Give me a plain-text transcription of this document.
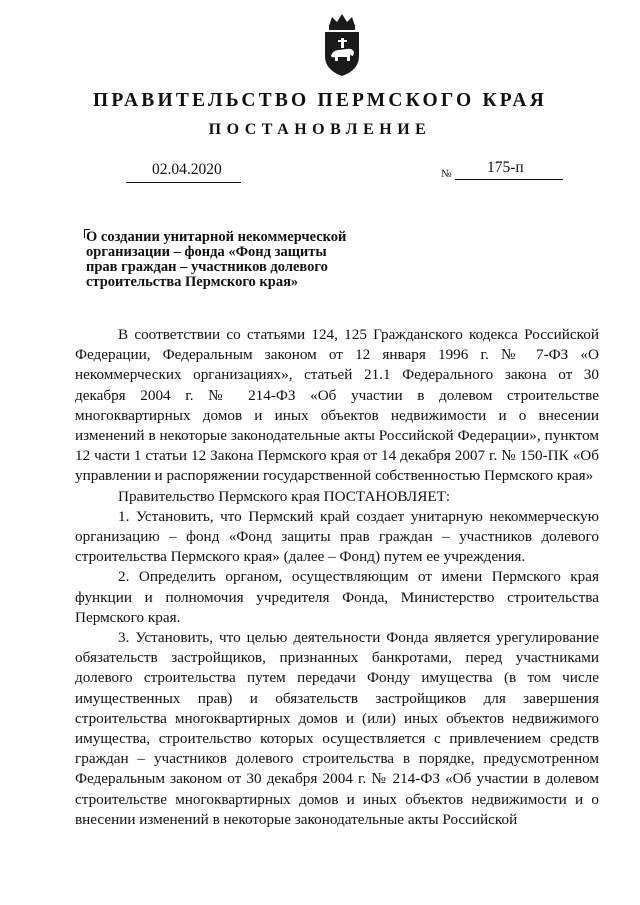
ПРАВИТЕЛЬСТВО ПЕРМСКОГО КРАЯ
ПОСТАНОВЛЕНИЕ
02.04.2020	№ 175-п
О создании унитарной некоммерческой
организации – фонда «Фонд защиты
прав граждан – участников долевого
строительства Пермского края»

В соответствии со статьями 124, 125 Гражданского кодекса Российской Федерации, Федеральным законом от 12 января 1996 г. № 7-ФЗ «О некоммерческих организациях», статьей 21.1 Федерального закона от 30 декабря 2004 г. № 214-ФЗ «Об участии в долевом строительстве многоквартирных домов и иных объектов недвижимости и о внесении изменений в некоторые законодательные акты Российской Федерации», пунктом 12 части 1 статьи 12 Закона Пермского края от 14 декабря 2007 г. № 150-ПК «Об управлении и распоряжении государственной собственностью Пермского края»

Правительство Пермского края ПОСТАНОВЛЯЕТ:

1. Установить, что Пермский край создает унитарную некоммерческую организацию – фонд «Фонд защиты прав граждан – участников долевого строительства Пермского края» (далее – Фонд) путем ее учреждения.

2. Определить органом, осуществляющим от имени Пермского края функции и полномочия учредителя Фонда, Министерство строительства Пермского края.

3. Установить, что целью деятельности Фонда является урегулирование обязательств застройщиков, признанных банкротами, перед участниками долевого строительства путем передачи Фонду имущества (в том числе имущественных прав) и обязательств застройщиков для завершения строительства многоквартирных домов и (или) иных объектов недвижимого имущества, строительство которых осуществляется с привлечением средств граждан – участников долевого строительства в порядке, предусмотренном Федеральным законом от 30 декабря 2004 г. № 214-ФЗ «Об участии в долевом строительстве многоквартирных домов и иных объектов недвижимости и о внесении изменений в некоторые законодательные акты Российской
